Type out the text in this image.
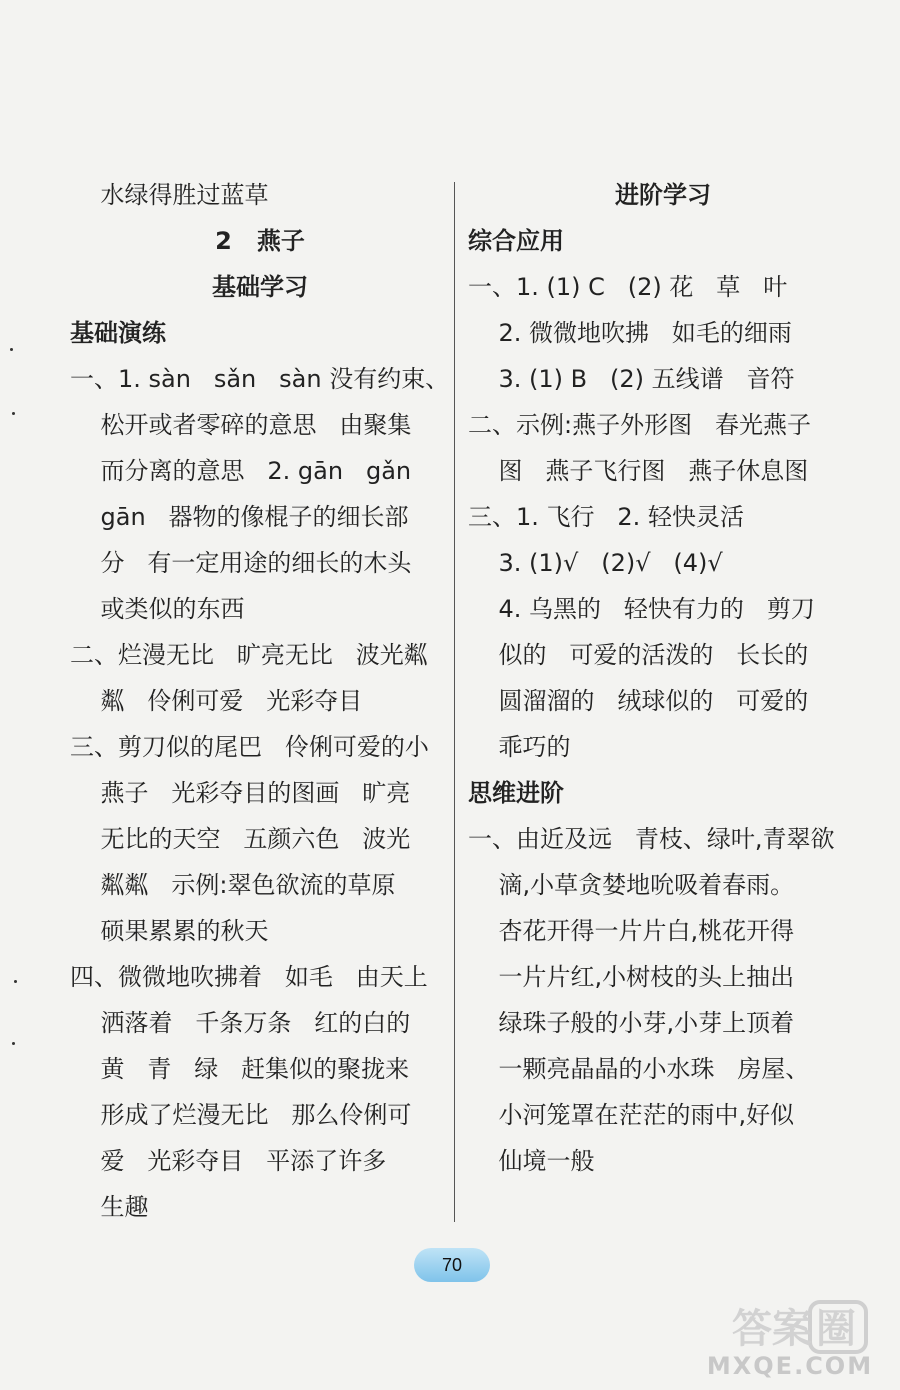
水绿得胜过蓝草
2   燕子
基础学习
基础演练
一、1. sàn   sǎn   sàn 没有约束、
松开或者零碎的意思   由聚集
而分离的意思   2. gān   gǎn
gān   器物的像棍子的细长部
分   有一定用途的细长的木头
或类似的东西
二、烂漫无比   旷亮无比   波光粼
粼   伶俐可爱   光彩夺目
三、剪刀似的尾巴   伶俐可爱的小
燕子   光彩夺目的图画   旷亮
无比的天空   五颜六色   波光
粼粼   示例:翠色欲流的草原
硕果累累的秋天
四、微微地吹拂着   如毛   由天上
洒落着   千条万条   红的白的
黄   青   绿   赶集似的聚拢来
形成了烂漫无比   那么伶俐可
爱   光彩夺目   平添了许多
生趣
进阶学习
综合应用
一、1. (1) C   (2) 花   草   叶
2. 微微地吹拂   如毛的细雨
3. (1) B   (2) 五线谱   音符
二、示例:燕子外形图   春光燕子
图   燕子飞行图   燕子休息图
三、1. 飞行   2. 轻快灵活
3. (1)√   (2)√   (4)√
4. 乌黑的   轻快有力的   剪刀
似的   可爱的活泼的   长长的
圆溜溜的   绒球似的   可爱的
乖巧的
思维进阶
一、由近及远   青枝、绿叶,青翠欲
滴,小草贪婪地吮吸着春雨。
杏花开得一片片白,桃花开得
一片片红,小树枝的头上抽出
绿珠子般的小芽,小芽上顶着
一颗亮晶晶的小水珠   房屋、
小河笼罩在茫茫的雨中,好似
仙境一般
70
答案 圈
MXQE.COM
